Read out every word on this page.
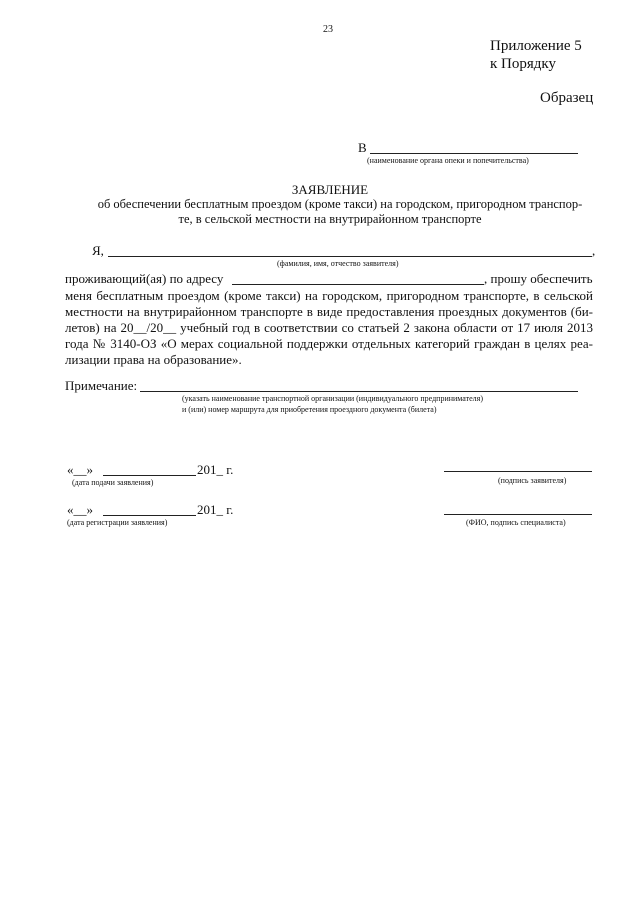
23
Приложение 5
к Порядку
Образец
В
(наименование органа опеки и попечительства)
ЗАЯВЛЕНИЕ
об обеспечении бесплатным проездом (кроме такси) на городском, пригородном транспор-
те, в сельской местности на внутрирайонном транспорте
Я,	,
(фамилия, имя, отчество заявителя)
проживающий(ая) по адресу	, прошу обеспечить
меня бесплатным проездом (кроме такси) на городском, пригородном транспорте, в сельской
местности на внутрирайонном транспорте в виде предоставления проездных документов (би-
летов) на 20__/20__ учебный год в соответствии со статьей 2 закона области от 17 июля 2013
года № 3140-ОЗ «О мерах социальной поддержки отдельных категорий граждан в целях реа-
лизации права на образование».
Примечание:
(указать наименование транспортной организации (индивидуального предпринимателя)
и (или) номер маршрута для приобретения проездного документа (билета)
«__»	201_ г.
(дата подачи заявления)	(подпись заявителя)
«__»	201_ г.
(дата регистрации заявления)	(ФИО, подпись специалиста)
